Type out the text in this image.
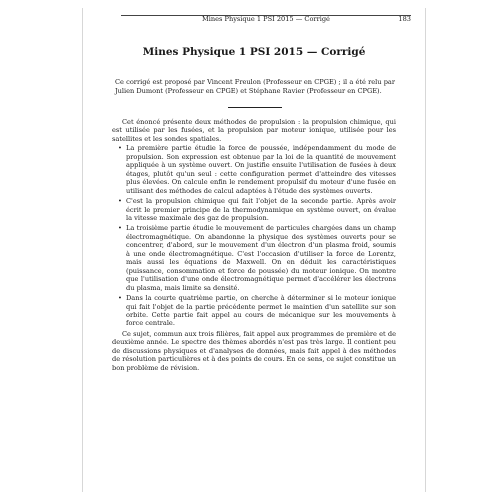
Mines Physique 1 PSI 2015 — Corrigé	183
Mines Physique 1 PSI 2015 — Corrigé
Ce corrigé est proposé par Vincent Freulon (Professeur en CPGE) ; il a été relu par Julien Dumont (Professeur en CPGE) et Stéphane Ravier (Professeur en CPGE).

Cet énoncé présente deux méthodes de propulsion : la propulsion chimique, qui est utilisée par les fusées, et la propulsion par moteur ionique, utilisée pour les satellites et les sondes spatiales.

• La première partie étudie la force de poussée, indépendamment du mode de propulsion. Son expression est obtenue par la loi de la quantité de mouvement appliquée à un système ouvert. On justifie ensuite l'utilisation de fusées à deux étages, plutôt qu'un seul : cette configuration permet d'atteindre des vitesses plus élevées. On calcule enfin le rendement propulsif du moteur d'une fusée en utilisant des méthodes de calcul adaptées à l'étude des systèmes ouverts.
• C'est la propulsion chimique qui fait l'objet de la seconde partie. Après avoir écrit le premier principe de la thermodynamique en système ouvert, on évalue la vitesse maximale des gaz de propulsion.
• La troisième partie étudie le mouvement de particules chargées dans un champ électromagnétique. On abandonne la physique des systèmes ouverts pour se concentrer, d'abord, sur le mouvement d'un électron d'un plasma froid, soumis à une onde électromagnétique. C'est l'occasion d'utiliser la force de Lorentz, mais aussi les équations de Maxwell. On en déduit les caractéristiques (puissance, consommation et force de poussée) du moteur ionique. On montre que l'utilisation d'une onde électromagnétique permet d'accélérer les électrons du plasma, mais limite sa densité.
• Dans la courte quatrième partie, on cherche à déterminer si le moteur ionique qui fait l'objet de la partie précédente permet le maintien d'un satellite sur son orbite. Cette partie fait appel au cours de mécanique sur les mouvements à force centrale.

Ce sujet, commun aux trois filières, fait appel aux programmes de première et de deuxième année. Le spectre des thèmes abordés n'est pas très large. Il contient peu de discussions physiques et d'analyses de données, mais fait appel à des méthodes de résolution particulières et à des points de cours. En ce sens, ce sujet constitue un bon problème de révision.
